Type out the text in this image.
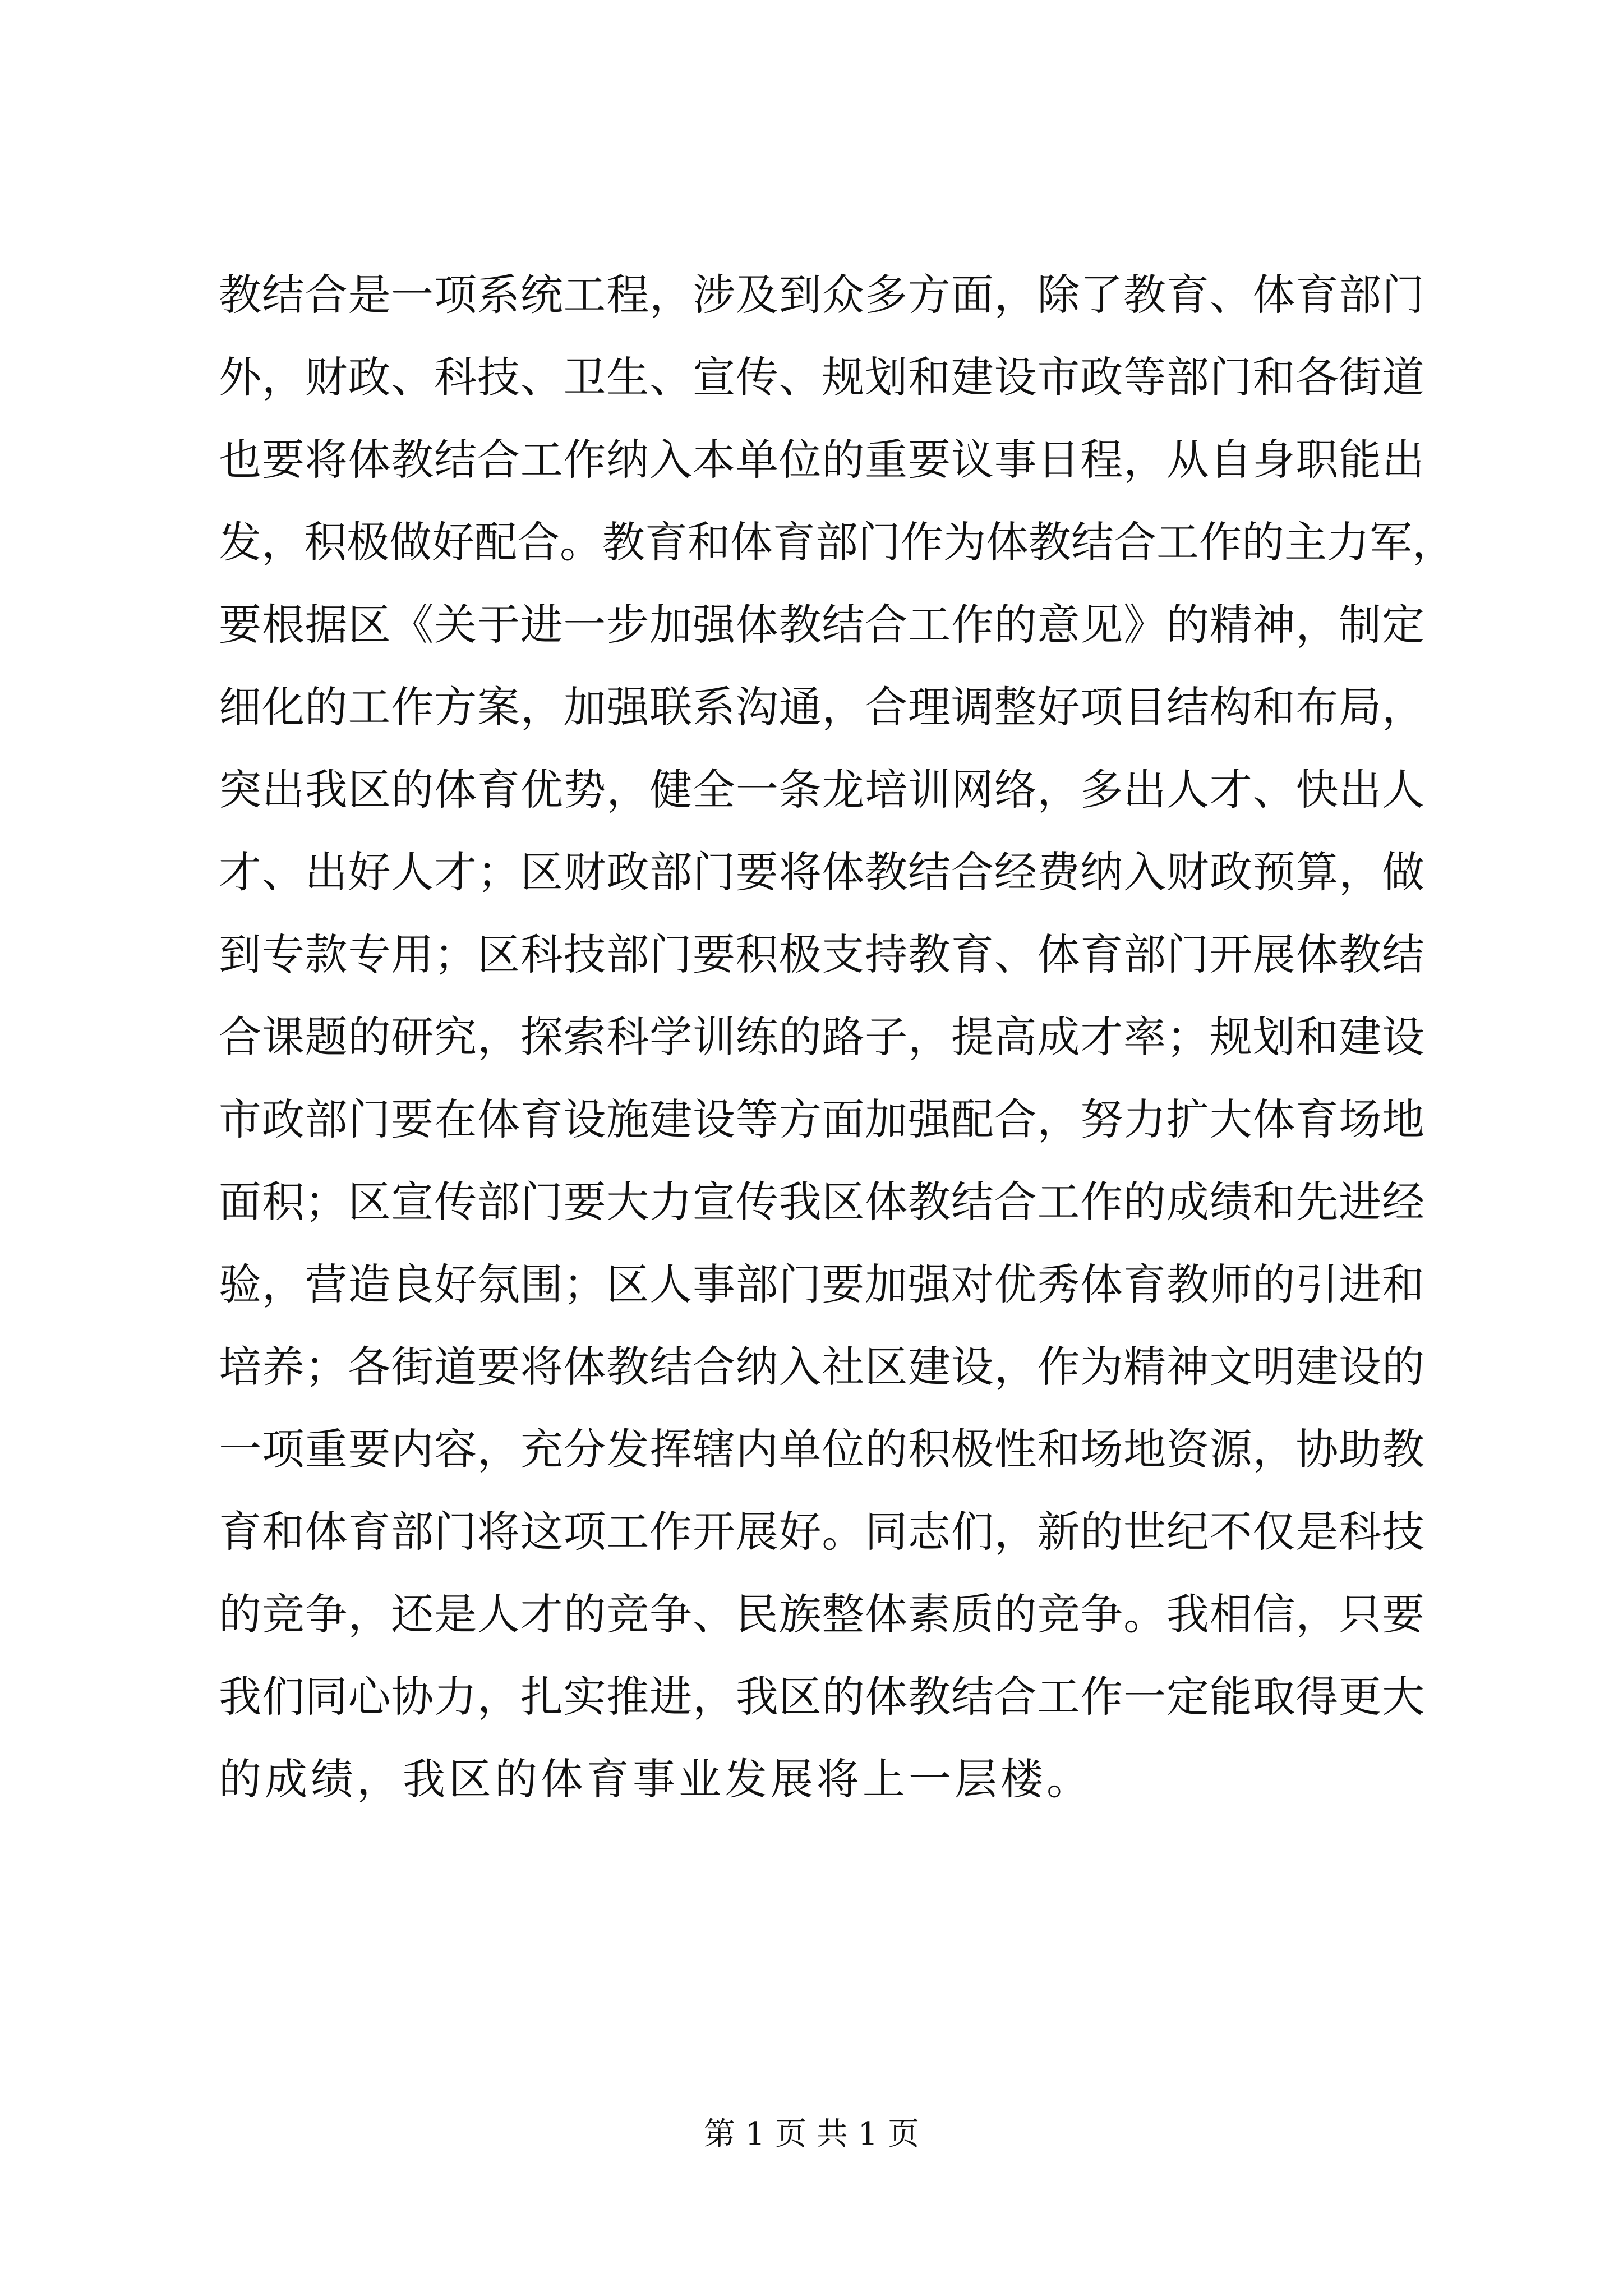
教结合是一项系统工程，涉及到众多方面，除了教育、体育部门
外，财政、科技、卫生、宣传、规划和建设市政等部门和各街道
也要将体教结合工作纳入本单位的重要议事日程，从自身职能出
发，积极做好配合。教育和体育部门作为体教结合工作的主力军，
要根据区《关于进一步加强体教结合工作的意见》的精神，制定
细化的工作方案，加强联系沟通，合理调整好项目结构和布局，
突出我区的体育优势，健全一条龙培训网络，多出人才、快出人
才、出好人才；区财政部门要将体教结合经费纳入财政预算，做
到专款专用；区科技部门要积极支持教育、体育部门开展体教结
合课题的研究，探索科学训练的路子，提高成才率；规划和建设
市政部门要在体育设施建设等方面加强配合，努力扩大体育场地
面积；区宣传部门要大力宣传我区体教结合工作的成绩和先进经
验，营造良好氛围；区人事部门要加强对优秀体育教师的引进和
培养；各街道要将体教结合纳入社区建设，作为精神文明建设的
一项重要内容，充分发挥辖内单位的积极性和场地资源，协助教
育和体育部门将这项工作开展好。同志们，新的世纪不仅是科技
的竞争，还是人才的竞争、民族整体素质的竞争。我相信，只要
我们同心协力，扎实推进，我区的体教结合工作一定能取得更大
的成绩，我区的体育事业发展将上一层楼。
第 1 页 共 1 页
